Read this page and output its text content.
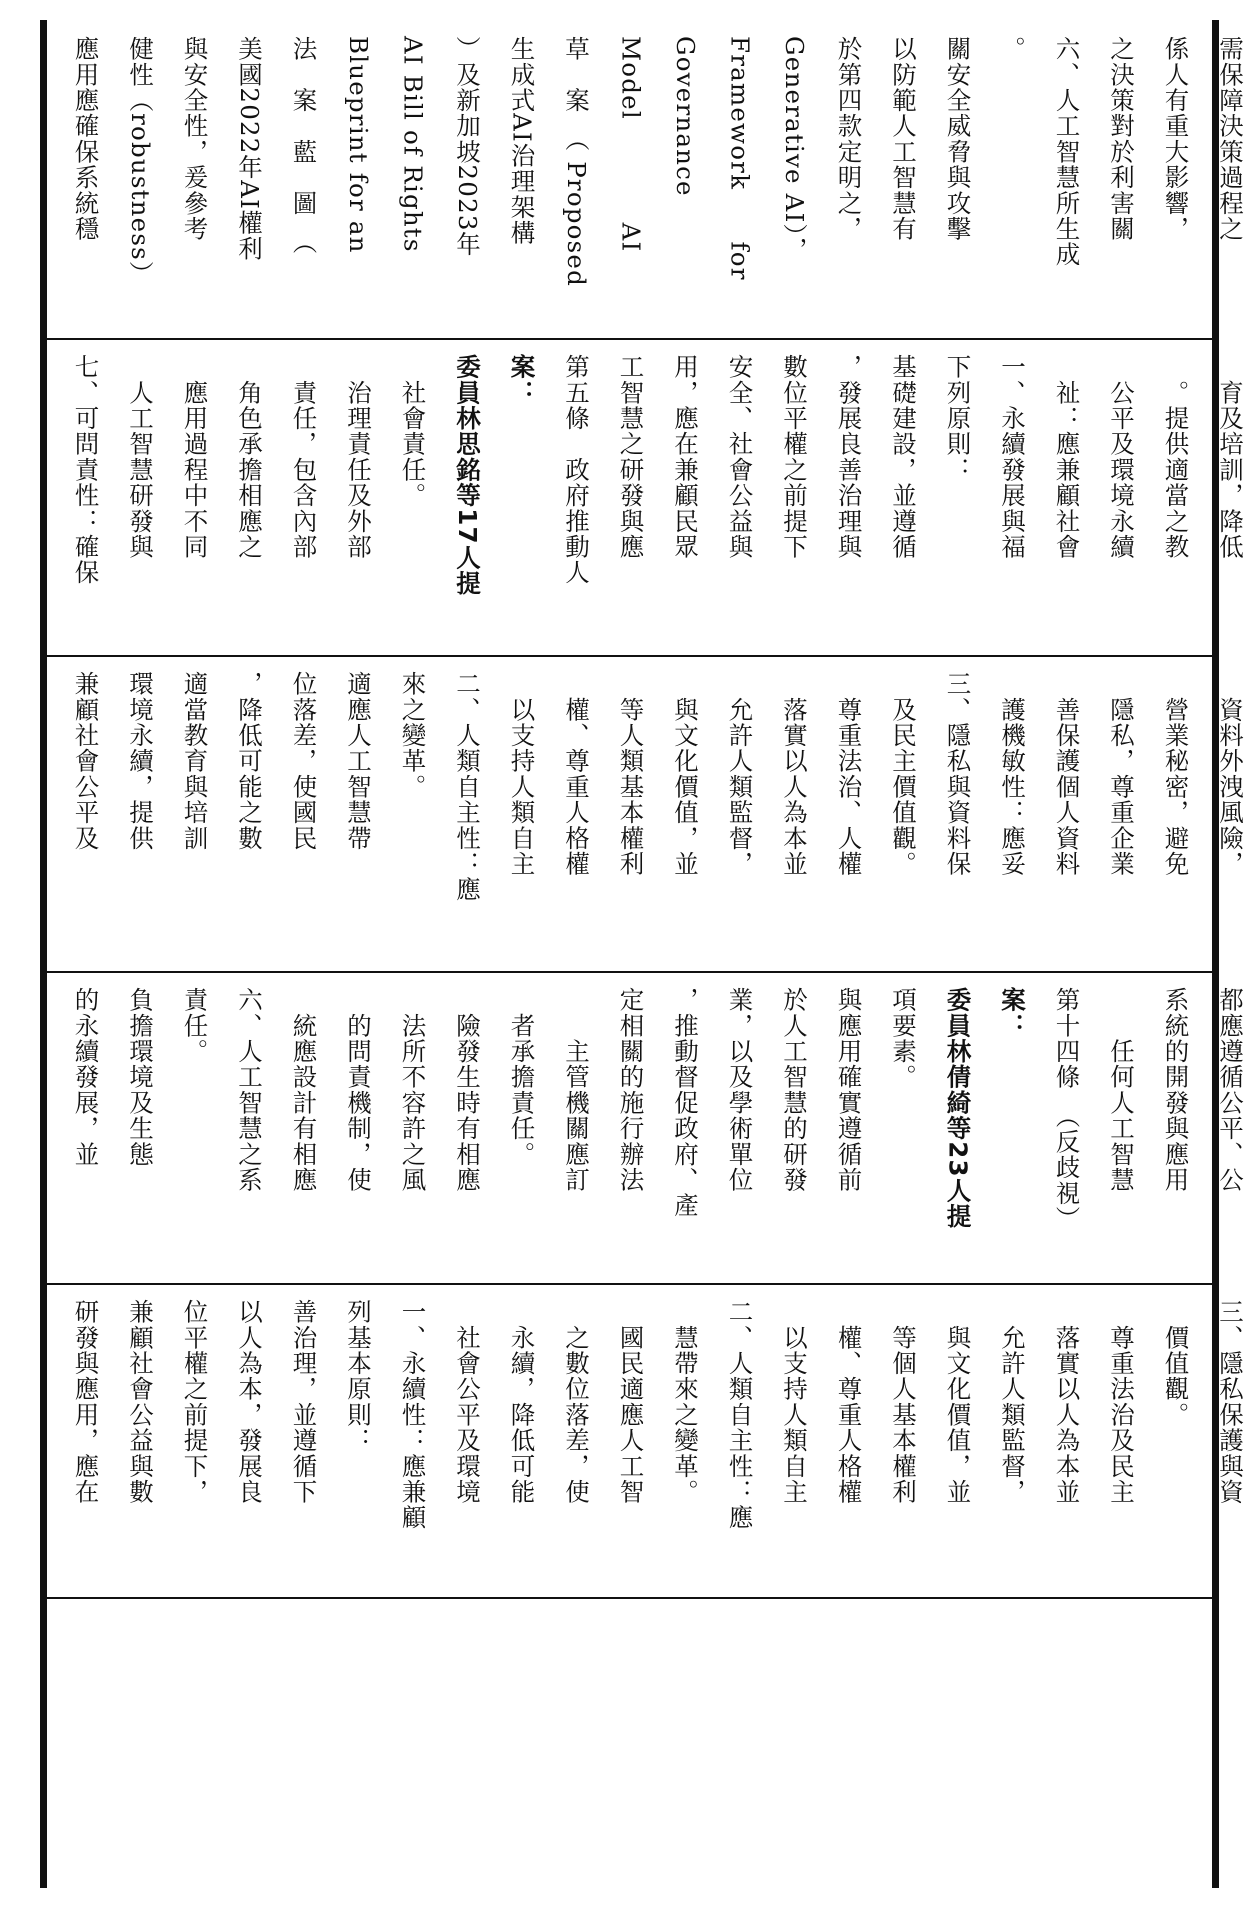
應用應確保系統穩	健性（robustness）	與安全性，爰參考	美國2022年AI權利	法　案　藍　圖　（	Blueprint for an	AI Bill of Rights	）及新加坡2023年	生成式AI治理架構	草　案　（ Proposed	Model　　　　AI	Governance	Framework　　for	Generative AI），	於第四款定明之，	以防範人工智慧有	關安全威脅與攻擊	。	六、人工智慧所生成	之決策對於利害關	係人有重大影響，	需保障決策過程之
七、可問責性：確保	　人工智慧研發與	　應用過程中不同	　角色承擔相應之	　責任，包含內部	　治理責任及外部	　社會責任。	委員林思銘等17人提	案：	第五條　政府推動人	工智慧之研發與應	用，應在兼顧民眾	安全、社會公益與	數位平權之前提下	，發展良善治理與	基礎建設，並遵循	下列原則：	一、永續發展與福	　祉：應兼顧社會	　公平及環境永續	　。提供適當之教	　育及培訓，降低
兼顧社會公平及	環境永續，提供	適當教育與培訓	，降低可能之數	位落差，使國民	適應人工智慧帶	來之變革。	二、人類自主性：應	　以支持人類自主	　權、尊重人格權	　等人類基本權利	　與文化價值，並	　允許人類監督，	　落實以人為本並	　尊重法治、人權	　及民主價值觀。	三、隱私與資料保	　護機敏性：應妥	　善保護個人資料	　隱私，尊重企業	　營業秘密，避免	　資料外洩風險，
的永續發展，並	負擔環境及生態	責任。	六、人工智慧之系	　統應設計有相應	　的問責機制，使	　法所不容許之風	　險發生時有相應	　者承擔責任。	　　主管機關應訂	定相關的施行辦法	，推動督促政府、產	業，以及學術單位	於人工智慧的研發	與應用確實遵循前	項要素。	委員林倩綺等23人提	案：	第十四條　（反歧視）	　　任何人工智慧	系統的開發與應用	都應遵循公平、公
研發與應用，應在	兼顧社會公益與數	位平權之前提下，	以人為本，發展良	善治理，並遵循下	列基本原則：	一、永續性：應兼顧	　社會公平及環境	　永續，降低可能	　之數位落差，使	　國民適應人工智	　慧帶來之變革。	二、人類自主性：應	　以支持人類自主	　權、尊重人格權	　等個人基本權利	　與文化價值，並	　允許人類監督，	　落實以人為本並	　尊重法治及民主	　價值觀。	三、隱私保護與資
